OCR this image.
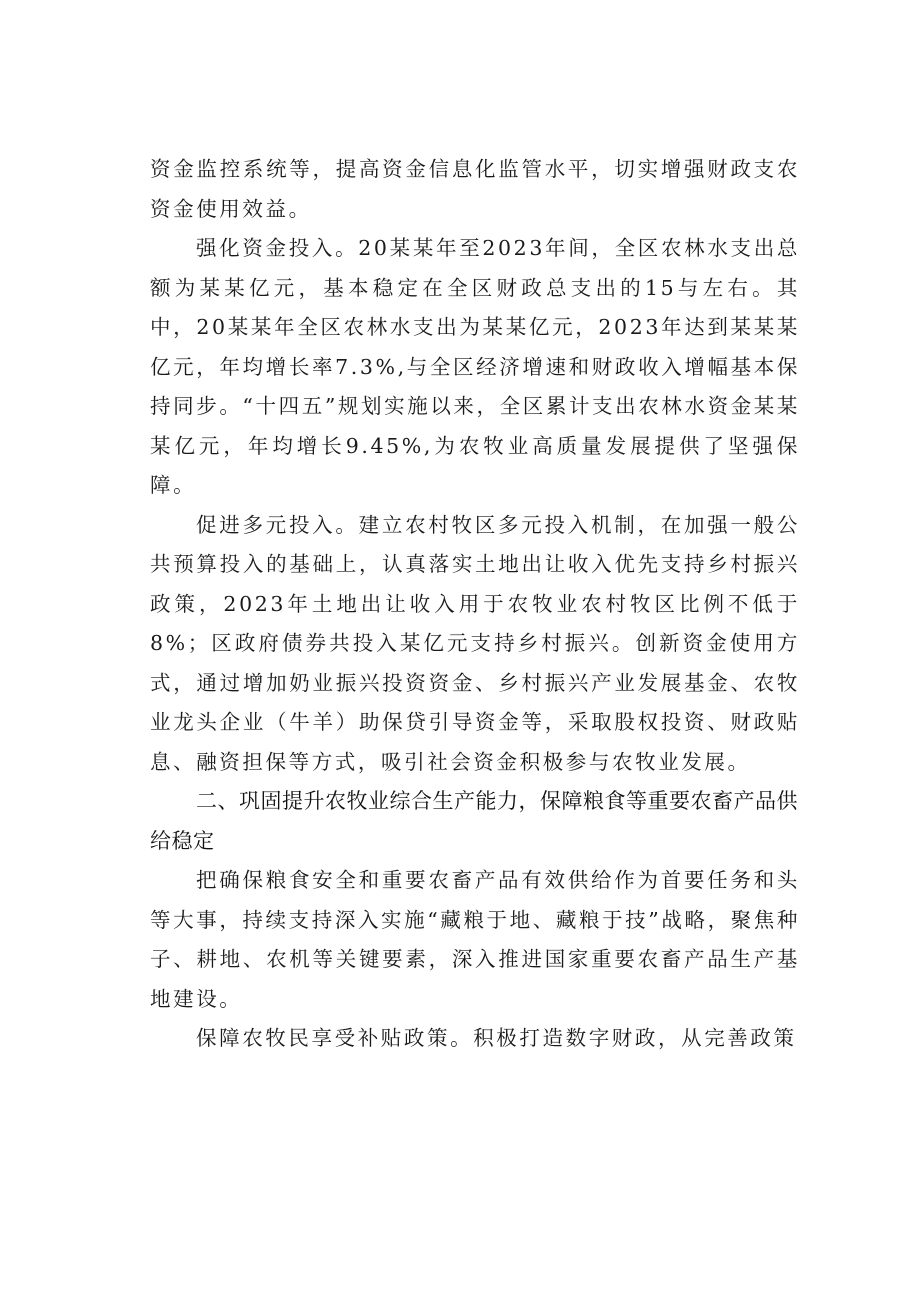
资金监控系统等，提高资金信息化监管水平，切实增强财政支农资金使用效益。

强化资金投入。20某某年至2023年间，全区农林水支出总额为某某亿元，基本稳定在全区财政总支出的15与左右。其中，20某某年全区农林水支出为某某亿元，2023年达到某某某亿元，年均增长率7.3%,与全区经济增速和财政收入增幅基本保持同步。“十四五”规划实施以来，全区累计支出农林水资金某某某亿元，年均增长9.45%,为农牧业高质量发展提供了坚强保障。

促进多元投入。建立农村牧区多元投入机制，在加强一般公共预算投入的基础上，认真落实土地出让收入优先支持乡村振兴政策，2023年土地出让收入用于农牧业农村牧区比例不低于8%；区政府债券共投入某亿元支持乡村振兴。创新资金使用方式，通过增加奶业振兴投资资金、乡村振兴产业发展基金、农牧业龙头企业（牛羊）助保贷引导资金等，采取股权投资、财政贴息、融资担保等方式，吸引社会资金积极参与农牧业发展。

二、巩固提升农牧业综合生产能力，保障粮食等重要农畜产品供给稳定

把确保粮食安全和重要农畜产品有效供给作为首要任务和头等大事，持续支持深入实施“藏粮于地、藏粮于技”战略，聚焦种子、耕地、农机等关键要素，深入推进国家重要农畜产品生产基地建设。

保障农牧民享受补贴政策。积极打造数字财政，从完善政策
